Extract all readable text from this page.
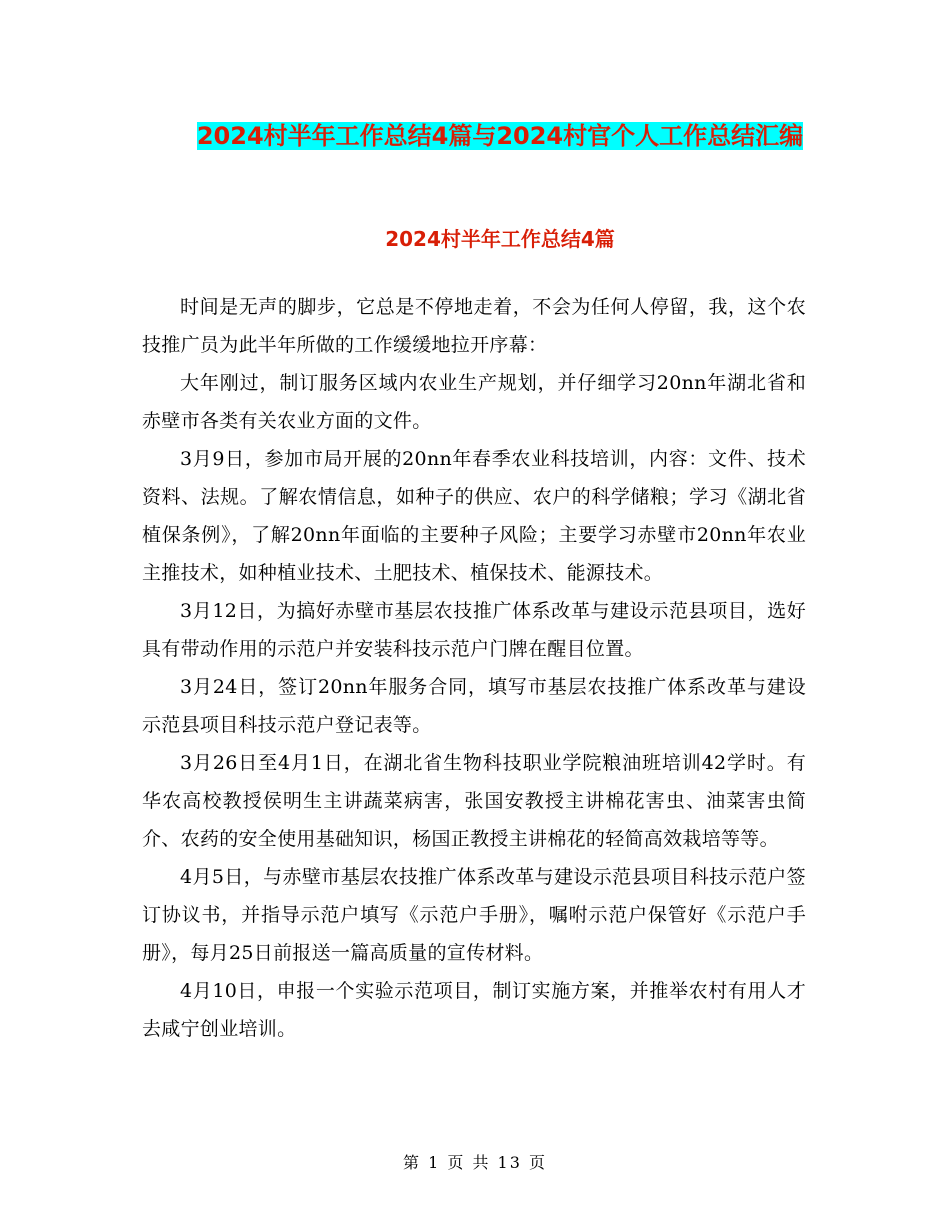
2024村半年工作总结4篇与2024村官个人工作总结汇编
2024村半年工作总结4篇

时间是无声的脚步，它总是不停地走着，不会为任何人停留，我，这个农技推广员为此半年所做的工作缓缓地拉开序幕：

大年刚过，制订服务区域内农业生产规划，并仔细学习20nn年湖北省和赤壁市各类有关农业方面的文件。

3月9日，参加市局开展的20nn年春季农业科技培训，内容：文件、技术资料、法规。了解农情信息，如种子的供应、农户的科学储粮；学习《湖北省植保条例》，了解20nn年面临的主要种子风险；主要学习赤壁市20nn年农业主推技术，如种植业技术、土肥技术、植保技术、能源技术。

3月12日，为搞好赤壁市基层农技推广体系改革与建设示范县项目，选好具有带动作用的示范户并安装科技示范户门牌在醒目位置。

3月24日，签订20nn年服务合同，填写市基层农技推广体系改革与建设示范县项目科技示范户登记表等。

3月26日至4月1日，在湖北省生物科技职业学院粮油班培训42学时。有华农高校教授侯明生主讲蔬菜病害，张国安教授主讲棉花害虫、油菜害虫简介、农药的安全使用基础知识，杨国正教授主讲棉花的轻简高效栽培等等。

4月5日，与赤壁市基层农技推广体系改革与建设示范县项目科技示范户签订协议书，并指导示范户填写《示范户手册》，嘱咐示范户保管好《示范户手册》，每月25日前报送一篇高质量的宣传材料。

4月10日，申报一个实验示范项目，制订实施方案，并推举农村有用人才去咸宁创业培训。

第 1 页 共 13 页
